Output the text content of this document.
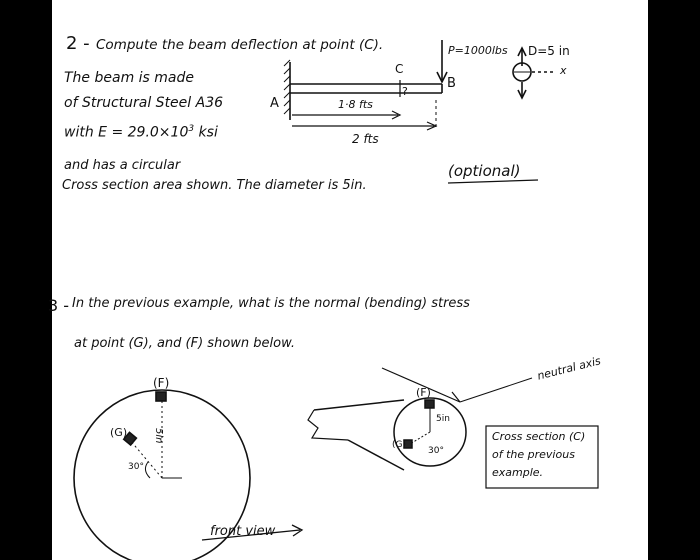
2 - Compute the beam deflection at point (C).
The beam is made
of Structural Steel A36
with $E = 29.0\times 10^3$ ksi
and has a circular
Cross section area shown. The diameter is 5in.
(optional)
C
A
B
1·8 fts
2 fts
?
P=1000lbs D=5 in
x
3 - In the previous example, what is the normal (bending) stress
at point (G), and (F) shown below.
(F)
(G)	5in
30°
front view
neutral axis
(F)
(G)
5in
30°
Cross section (C)
of the previous
example.
